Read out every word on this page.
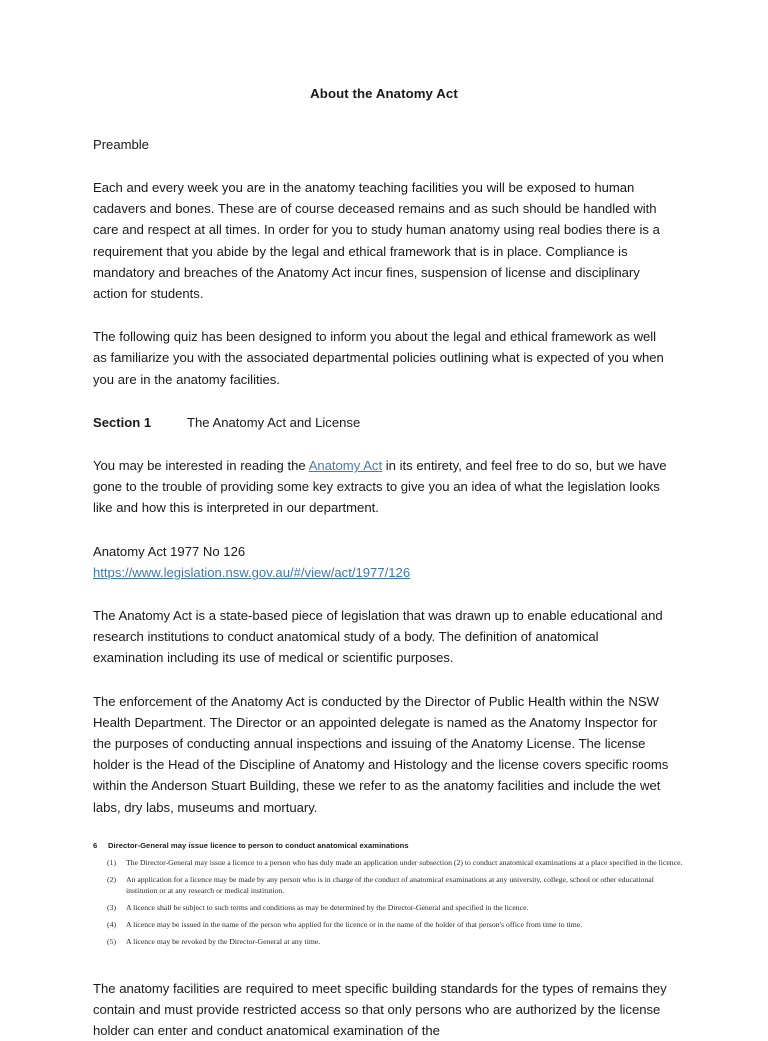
About the Anatomy Act

Preamble

Each and every week you are in the anatomy teaching facilities you will be exposed to human cadavers and bones. These are of course deceased remains and as such should be handled with care and respect at all times. In order for you to study human anatomy using real bodies there is a requirement that you abide by the legal and ethical framework that is in place. Compliance is mandatory and breaches of the Anatomy Act incur fines, suspension of license and disciplinary action for students.

The following quiz has been designed to inform you about the legal and ethical framework as well as familiarize you with the associated departmental policies outlining what is expected of you when you are in the anatomy facilities.

Section 1	The Anatomy Act and License

You may be interested in reading the Anatomy Act in its entirety, and feel free to do so, but we have gone to the trouble of providing some key extracts to give you an idea of what the legislation looks like and how this is interpreted in our department.

Anatomy Act 1977 No 126

https://www.legislation.nsw.gov.au/#/view/act/1977/126

The Anatomy Act is a state-based piece of legislation that was drawn up to enable educational and research institutions to conduct anatomical study of a body. The definition of anatomical examination including its use of medical or scientific purposes.

The enforcement of the Anatomy Act is conducted by the Director of Public Health within the NSW Health Department. The Director or an appointed delegate is named as the Anatomy Inspector for the purposes of conducting annual inspections and issuing of the Anatomy License. The license holder is the Head of the Discipline of Anatomy and Histology and the license covers specific rooms within the Anderson Stuart Building, these we refer to as the anatomy facilities and include the wet labs, dry labs, museums and mortuary.

6 Director-General may issue licence to person to conduct anatomical examinations

(1) The Director-General may issue a licence to a person who has duly made an application under subsection (2) to conduct anatomical examinations at a place specified in the licence.

(2) An application for a licence may be made by any person who is in charge of the conduct of anatomical examinations at any university, college, school or other educational institution or at any research or medical institution.

(3) A licence shall be subject to such terms and conditions as may be determined by the Director-General and specified in the licence.

(4) A licence may be issued in the name of the person who applied for the licence or in the name of the holder of that person's office from time to time.

(5) A licence may be revoked by the Director-General at any time.

The anatomy facilities are required to meet specific building standards for the types of remains they contain and must provide restricted access so that only persons who are authorized by the license holder can enter and conduct anatomical examination of the
